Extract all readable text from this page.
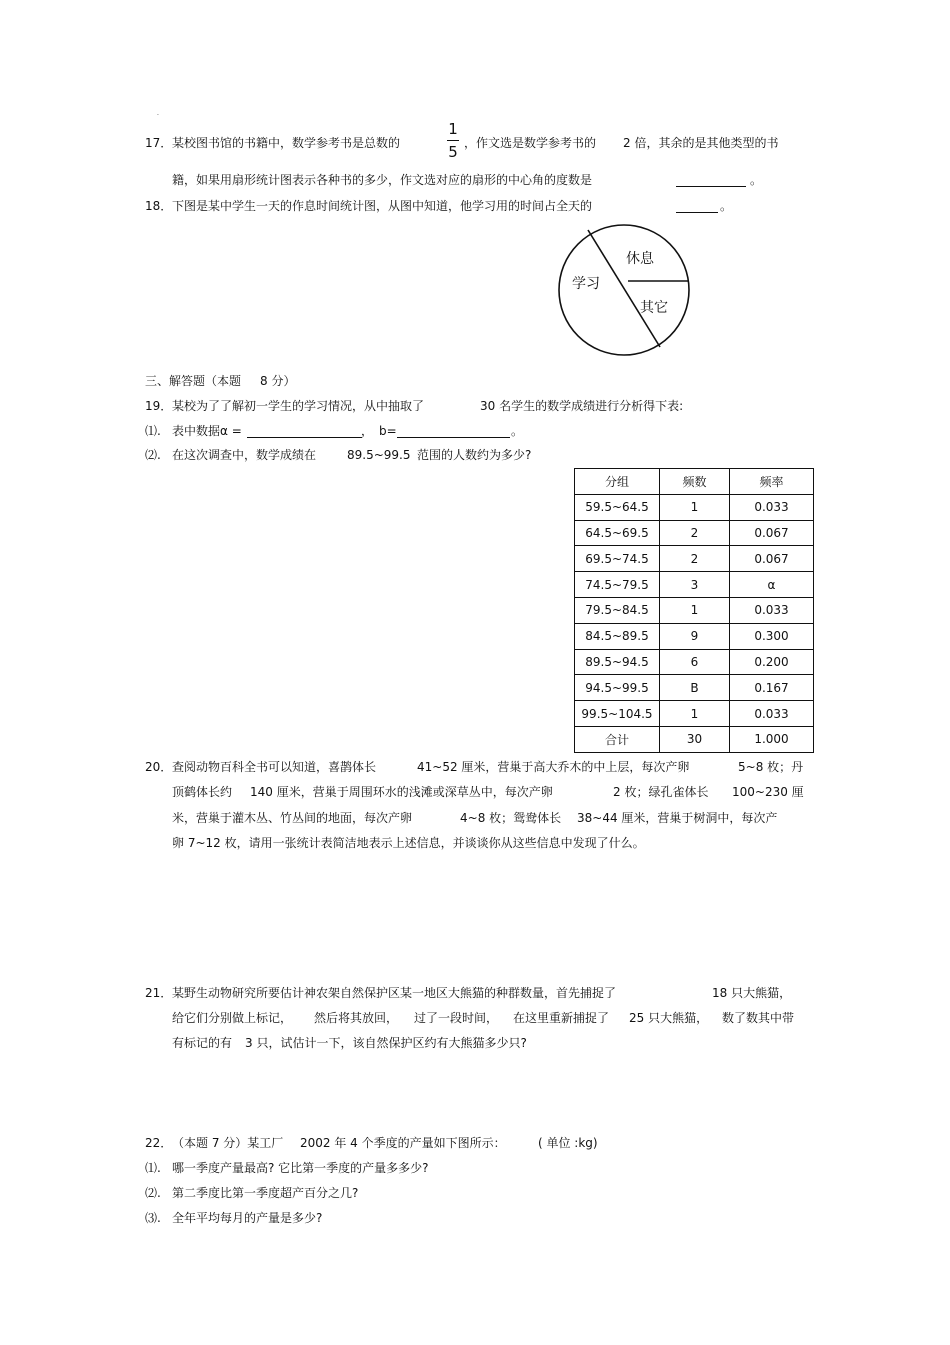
.
17． 某校图书馆的书籍中，数学参考书是总数的
1
5 ，作文选是数学参考书的 2 倍，其余的是其他类型的书
籍，如果用扇形统计图表示各种书的多少，作文选对应的扇形的中心角的度数是	。
18． 下图是某中学生一天的作息时间统计图，从图中知道，他学习用的时间占全天的	。
休息
学习
其它
三、解答题（本题 8 分）
19． 某校为了了解初一学生的学习情况，从中抽取了	30 名学生的数学成绩进行分析得下表:
⑴. 表中数据α =	， b=	。
⑵. 在这次调查中，数学成绩在	89.5~99.5 范围的人数约为多少?
分组	频数	频率
59.5~64.5	1	0.033
64.5~69.5	2	0.067
69.5~74.5	2	0.067
74.5~79.5	3	α
79.5~84.5	1	0.033
84.5~89.5	9	0.300
89.5~94.5	6	0.200
94.5~99.5	B	0.167
99.5~104.5	1	0.033
合计	30	1.000
20． 查阅动物百科全书可以知道，喜鹊体长	41~52 厘米，营巢于高大乔木的中上层，每次产卵	5~8 枚；丹
顶鹤体长约 140 厘米，营巢于周围环水的浅滩或深草丛中，每次产卵	2 枚；绿孔雀体长 100~230 厘
米，营巢于灌木丛、竹丛间的地面，每次产卵	4~8 枚；鸳鸯体长 38~44 厘米，营巢于树洞中，每次产
卵 7~12 枚，请用一张统计表简洁地表示上述信息，并谈谈你从这些信息中发现了什么。
21． 某野生动物研究所要估计神农架自然保护区某一地区大熊猫的种群数量，首先捕捉了	18 只大熊猫，
给它们分别做上标记， 然后将其放回， 过了一段时间， 在这里重新捕捉了 25 只大熊猫， 数了数其中带
有标记的有 3 只，试估计一下，该自然保护区约有大熊猫多少只?
22． （本题 7 分）某工厂 2002 年 4 个季度的产量如下图所示：	( 单位 :kg)
⑴. 哪一季度产量最高? 它比第一季度的产量多多少?
⑵. 第二季度比第一季度超产百分之几?
⑶. 全年平均每月的产量是多少?
